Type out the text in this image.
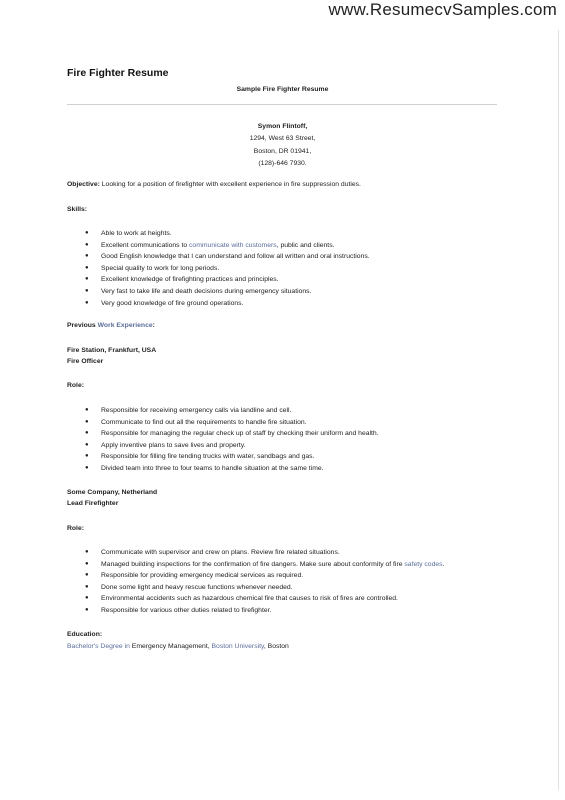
www.ResumecvSamples.com
Fire Fighter Resume
Sample Fire Fighter Resume
Symon Flintoff,
1294, West 63 Street,
Boston, DR 01941,
(128)-646 7930.
Objective: Looking for a position of firefighter with excellent experience in fire suppression duties.
Skills:
● Able to work at heights.
● Excellent communications to communicate with customers, public and clients.
● Good English knowledge that I can understand and follow all written and oral instructions.
● Special quality to work for long periods.
● Excellent knowledge of firefighting practices and principles.
● Very fast to take life and death decisions during emergency situations.
● Very good knowledge of fire ground operations.
Previous Work Experience:
Fire Station, Frankfurt, USA
Fire Officer
Role:
● Responsible for receiving emergency calls via landline and cell.
● Communicate to find out all the requirements to handle fire situation.
● Responsible for managing the regular check up of staff by checking their uniform and health.
● Apply inventive plans to save lives and property.
● Responsible for filling fire tending trucks with water, sandbags and gas.
● Divided team into three to four teams to handle situation at the same time.
Some Company, Netherland
Lead Firefighter
Role:
● Communicate with supervisor and crew on plans. Review fire related situations.
● Managed building inspections for the confirmation of fire dangers. Make sure about conformity of fire safety codes.
● Responsible for providing emergency medical services as required.
● Done some light and heavy rescue functions whenever needed.
● Environmental accidents such as hazardous chemical fire that causes to risk of fires are controlled.
● Responsible for various other duties related to firefighter.
Education:
Bachelor's Degree in Emergency Management, Boston University, Boston
